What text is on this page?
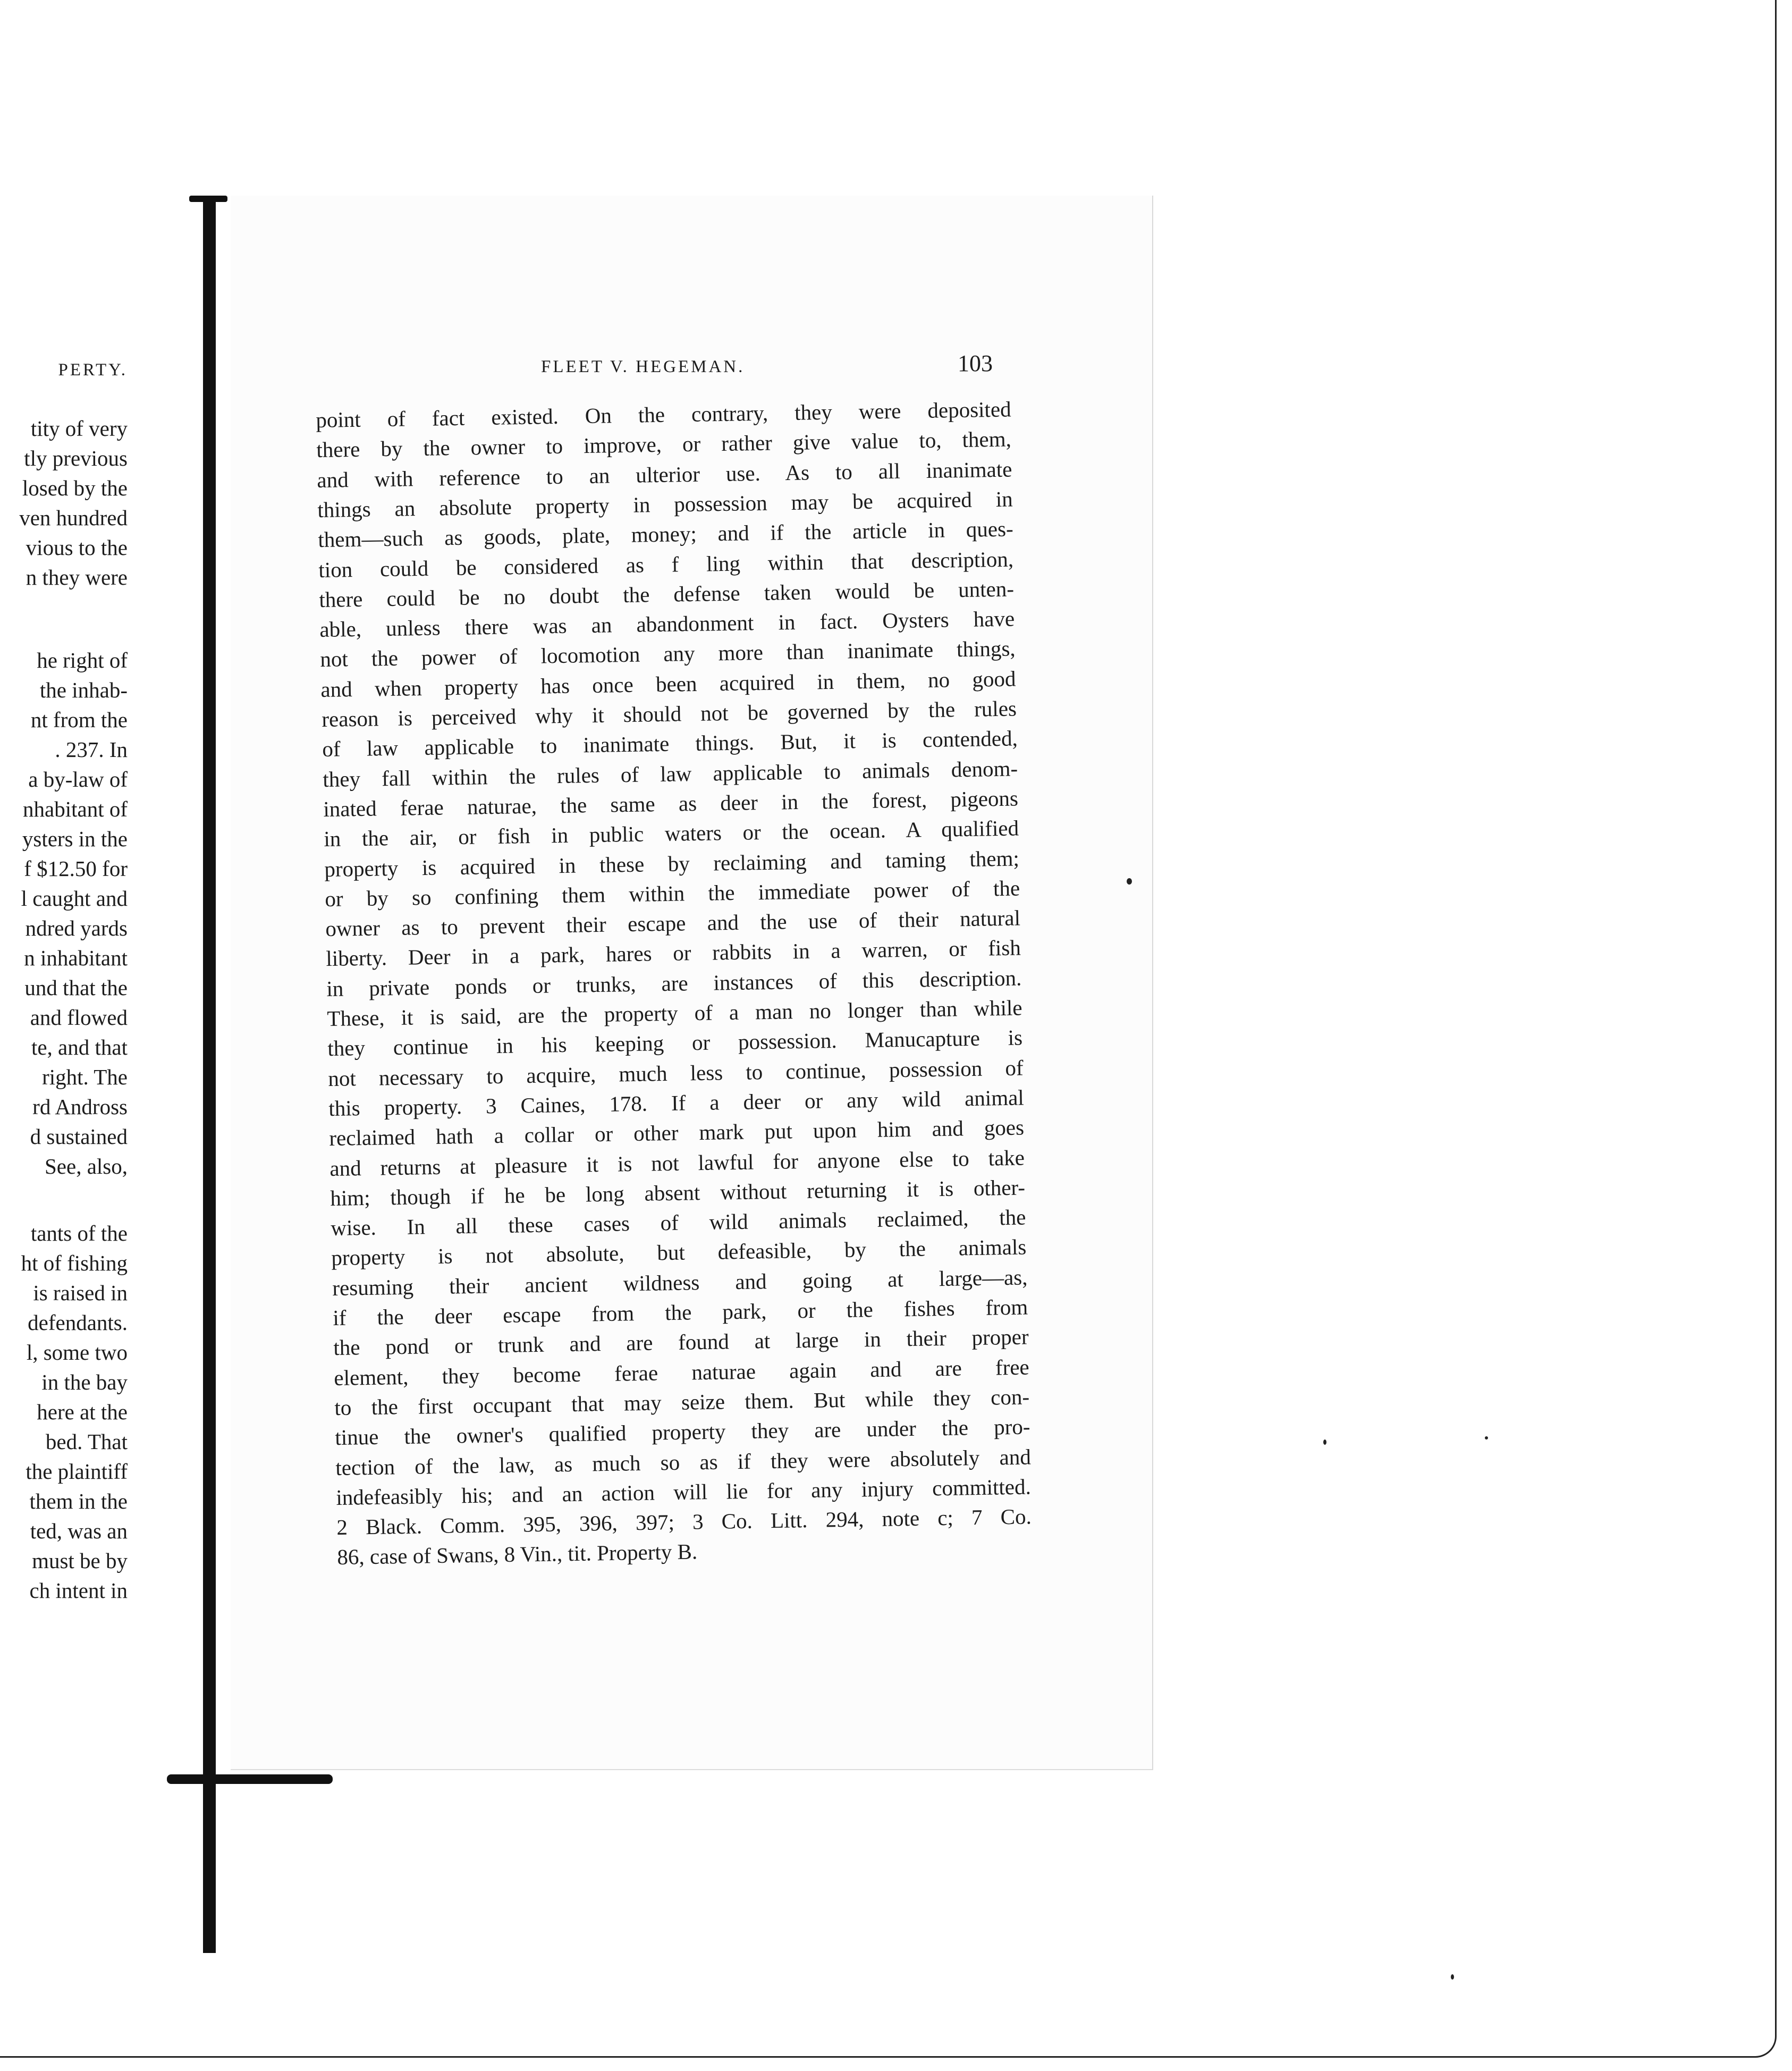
PERTY.
tity of very
tly previous
losed by the
ven hundred
vious to the
n they were
he right of
the inhab-
nt from the
. 237. In
a by-law of
nhabitant of
ysters in the
f $12.50 for
l caught and
ndred yards
n inhabitant
und that the
and flowed
te, and that
right. The
rd Andross
d sustained
See, also,
tants of the
ht of fishing
is raised in
defendants.
l, some two
in the bay
here at the
bed. That
the plaintiff
them in the
ted, was an
must be by
ch intent in
FLEET V. HEGEMAN.	103
point of fact existed. On the contrary, they were deposited
there by the owner to improve, or rather give value to, them,
and with reference to an ulterior use. As to all inanimate
things an absolute property in possession may be acquired in
them—such as goods, plate, money; and if the article in ques-
tion could be considered as f ling within that description,
there could be no doubt the defense taken would be unten-
able, unless there was an abandonment in fact. Oysters have
not the power of locomotion any more than inanimate things,
and when property has once been acquired in them, no good
reason is perceived why it should not be governed by the rules
of law applicable to inanimate things. But, it is contended,
they fall within the rules of law applicable to animals denom-
inated ferae naturae, the same as deer in the forest, pigeons
in the air, or fish in public waters or the ocean. A qualified
property is acquired in these by reclaiming and taming them;
or by so confining them within the immediate power of the
owner as to prevent their escape and the use of their natural
liberty. Deer in a park, hares or rabbits in a warren, or fish
in private ponds or trunks, are instances of this description.
These, it is said, are the property of a man no longer than while
they continue in his keeping or possession. Manucapture is
not necessary to acquire, much less to continue, possession of
this property. 3 Caines, 178. If a deer or any wild animal
reclaimed hath a collar or other mark put upon him and goes
and returns at pleasure it is not lawful for anyone else to take
him; though if he be long absent without returning it is other-
wise. In all these cases of wild animals reclaimed, the
property is not absolute, but defeasible, by the animals
resuming their ancient wildness and going at large—as,
if the deer escape from the park, or the fishes from
the pond or trunk and are found at large in their proper
element, they become ferae naturae again and are free
to the first occupant that may seize them. But while they con-
tinue the owner's qualified property they are under the pro-
tection of the law, as much so as if they were absolutely and
indefeasibly his; and an action will lie for any injury committed.
2 Black. Comm. 395, 396, 397; 3 Co. Litt. 294, note c; 7 Co.
86, case of Swans, 8 Vin., tit. Property B.
